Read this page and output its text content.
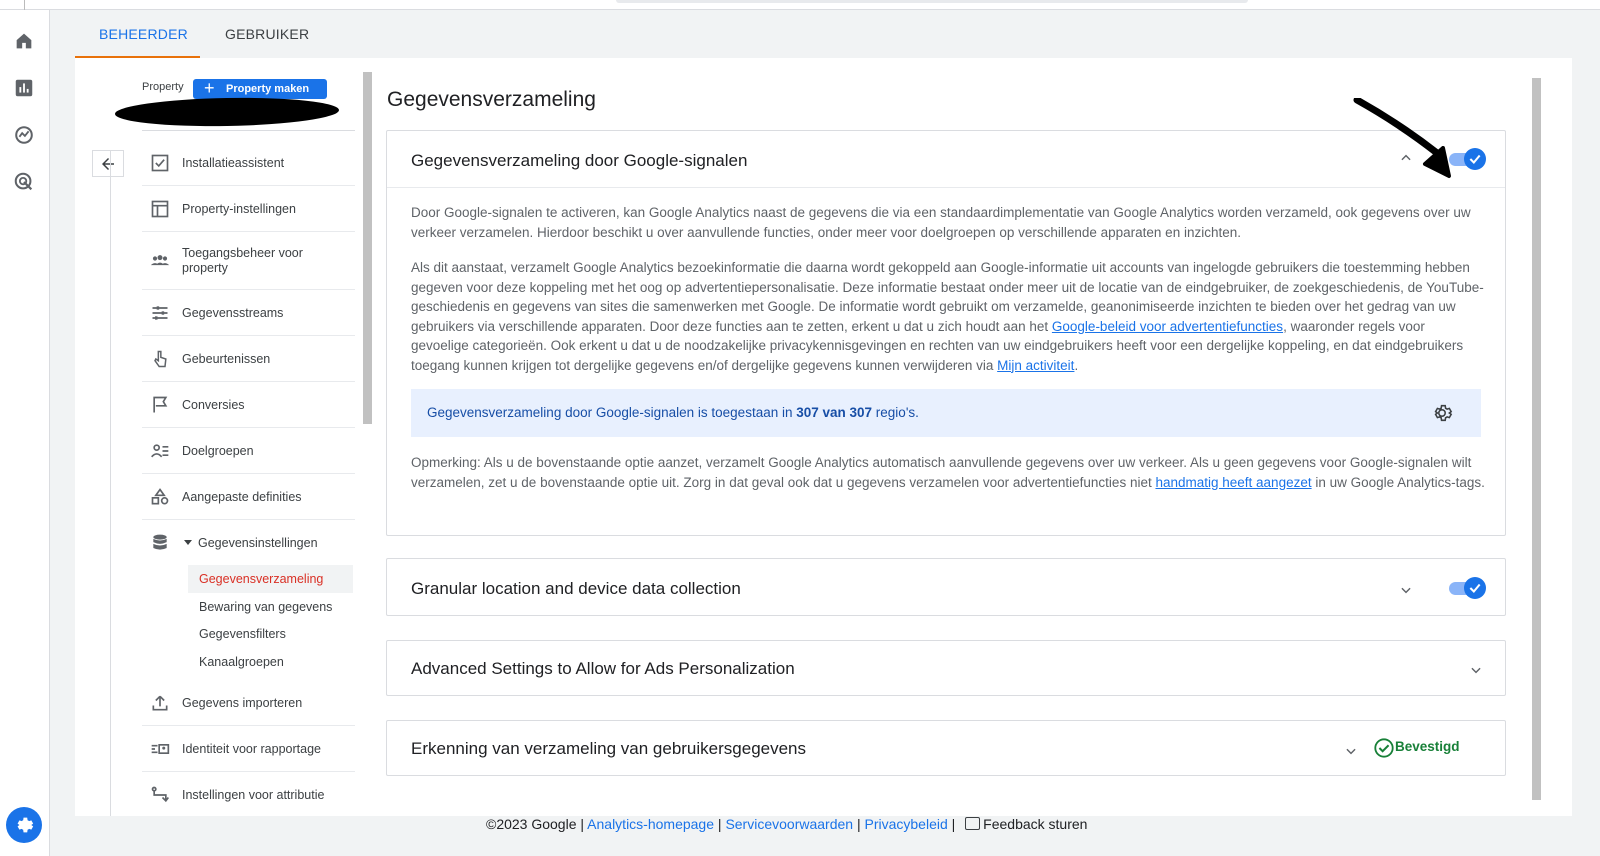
BEHEERDER	GEBRUIKER
Property + Property maken
Installatieassistent
Property-instellingen
Toegangsbeheer voor property
Gegevensstreams
Gebeurtenissen
Conversies
Doelgroepen
Aangepaste definities
Gegevensinstellingen
Gegevensverzameling
Bewaring van gegevens
Gegevensfilters
Kanaalgroepen
Gegevens importeren
Identiteit voor rapportage
Instellingen voor attributie
Gegevensverzameling
Gegevensverzameling door Google-signalen

Door Google-signalen te activeren, kan Google Analytics naast de gegevens die via een standaardimplementatie van Google Analytics worden verzameld, ook gegevens over uw verkeer verzamelen. Hierdoor beschikt u over aanvullende functies, onder meer voor doelgroepen op verschillende apparaten en inzichten.

Als dit aanstaat, verzamelt Google Analytics bezoekinformatie die daarna wordt gekoppeld aan Google-informatie uit accounts van ingelogde gebruikers die toestemming hebben gegeven voor deze koppeling met het oog op advertentiepersonalisatie. Deze informatie bestaat onder meer uit de locatie van de eindgebruiker, de zoekgeschiedenis, de YouTube-geschiedenis en gegevens van sites die samenwerken met Google. De informatie wordt gebruikt om verzamelde, geanonimiseerde inzichten te bieden over het gedrag van uw gebruikers via verschillende apparaten. Door deze functies aan te zetten, erkent u dat u zich houdt aan het Google-beleid voor advertentiefuncties, waaronder regels voor gevoelige categorieën. Ook erkent u dat u de noodzakelijke privacykennisgevingen en rechten van uw eindgebruikers heeft voor een dergelijke koppeling, en dat eindgebruikers toegang kunnen krijgen tot dergelijke gegevens en/of dergelijke gegevens kunnen verwijderen via Mijn activiteit.

Gegevensverzameling door Google-signalen is toegestaan in 307 van 307 regio's.

Opmerking: Als u de bovenstaande optie aanzet, verzamelt Google Analytics automatisch aanvullende gegevens over uw verkeer. Als u geen gegevens voor Google-signalen wilt verzamelen, zet u de bovenstaande optie uit. Zorg in dat geval ook dat u gegevens verzamelen voor advertentiefuncties niet handmatig heeft aangezet in uw Google Analytics-tags.

Granular location and device data collection
Advanced Settings to Allow for Ads Personalization
Erkenning van verzameling van gebruikersgegevens	Bevestigd
©2023 Google | Analytics-homepage | Servicevoorwaarden | Privacybeleid | Feedback sturen
